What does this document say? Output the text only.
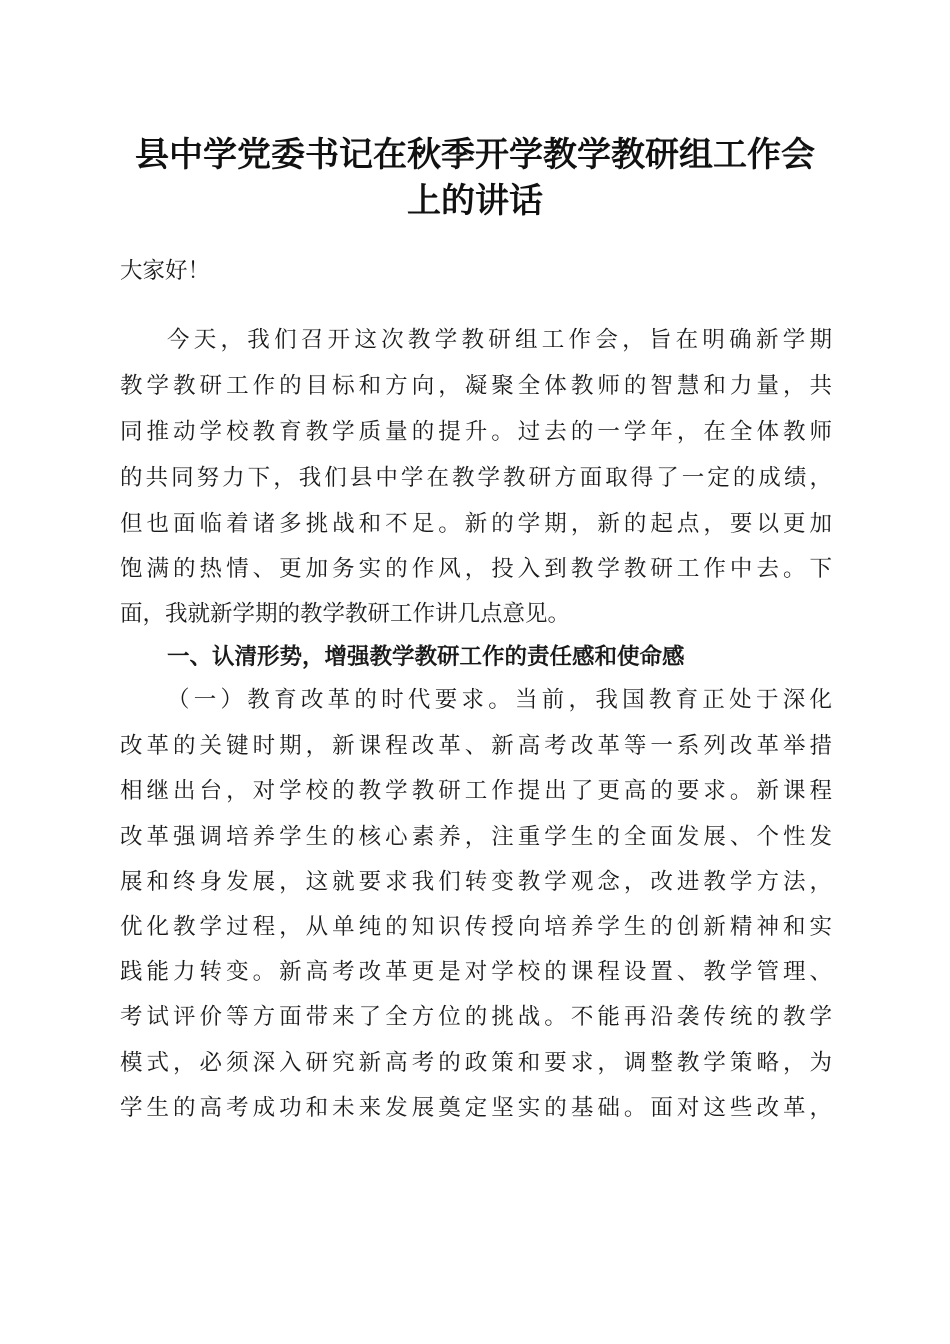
县中学党委书记在秋季开学教学教研组工作会
上的讲话

大家好！

今天，我们召开这次教学教研组工作会，旨在明确新学期

教学教研工作的目标和方向，凝聚全体教师的智慧和力量，共

同推动学校教育教学质量的提升。过去的一学年，在全体教师

的共同努力下，我们县中学在教学教研方面取得了一定的成绩，

但也面临着诸多挑战和不足。新的学期，新的起点，要以更加

饱满的热情、更加务实的作风，投入到教学教研工作中去。下

面，我就新学期的教学教研工作讲几点意见。

一、认清形势，增强教学教研工作的责任感和使命感

（一）教育改革的时代要求。当前，我国教育正处于深化

改革的关键时期，新课程改革、新高考改革等一系列改革举措

相继出台，对学校的教学教研工作提出了更高的要求。新课程

改革强调培养学生的核心素养，注重学生的全面发展、个性发

展和终身发展，这就要求我们转变教学观念，改进教学方法，

优化教学过程，从单纯的知识传授向培养学生的创新精神和实

践能力转变。新高考改革更是对学校的课程设置、教学管理、

考试评价等方面带来了全方位的挑战。不能再沿袭传统的教学

模式，必须深入研究新高考的政策和要求，调整教学策略，为

学生的高考成功和未来发展奠定坚实的基础。面对这些改革，
